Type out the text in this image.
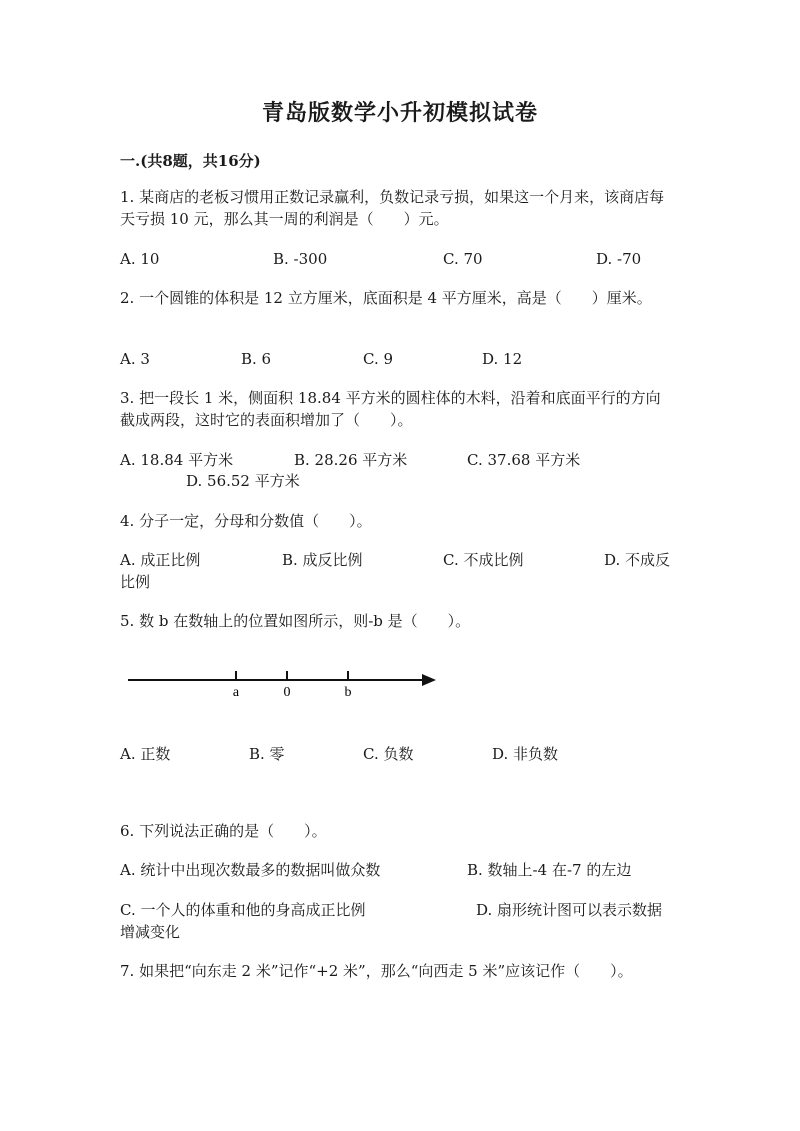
青岛版数学小升初模拟试卷
一.(共8题，共16分)
1. 某商店的老板习惯用正数记录赢利，负数记录亏损，如果这一个月来，该商店每天亏损 10 元，那么其一周的利润是（　　）元。
A. 10	B. -300	C. 70	D. -70
2. 一个圆锥的体积是 12 立方厘米，底面积是 4 平方厘米，高是（　　）厘米。
A. 3	B. 6	C. 9	D. 12
3. 把一段长 1 米，侧面积 18.84 平方米的圆柱体的木料，沿着和底面平行的方向截成两段，这时它的表面积增加了（　　）。
A. 18.84 平方米	B. 28.26 平方米	C. 37.68 平方米
D. 56.52 平方米
4. 分子一定，分母和分数值（　　）。
A. 成正比例	B. 成反比例	C. 不成比例	D. 不成反比例
5. 数 b 在数轴上的位置如图所示，则-b 是（　　）。
a	0	b
A. 正数	B. 零	C. 负数	D. 非负数
6. 下列说法正确的是（　　）。
A. 统计中出现次数最多的数据叫做众数	B. 数轴上-4 在-7 的左边
C. 一个人的体重和他的身高成正比例	D. 扇形统计图可以表示数据增减变化
7. 如果把“向东走 2 米”记作“+2 米”，那么“向西走 5 米”应该记作（　　）。
